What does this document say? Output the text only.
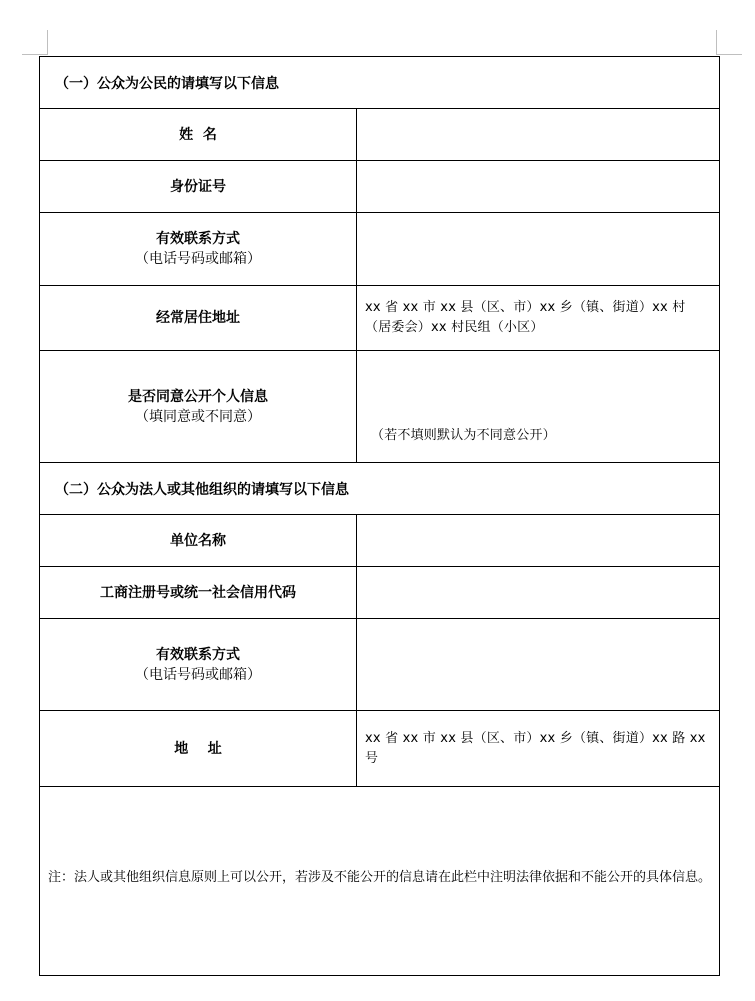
（一）公众为公民的请填写以下信息	

姓  名	

身份证号	

有效联系方式
（电话号码或邮箱）	

经常居住地址	xx 省 xx 市 xx 县（区、市）xx 乡（镇、街道）xx 村（居委会）xx 村民组（小区）

是否同意公开个人信息
（填同意或不同意）	（若不填则默认为不同意公开）
（二）公众为法人或其他组织的请填写以下信息	

单位名称	

工商注册号或统一社会信用代码	

有效联系方式
（电话号码或邮箱）	

地    址	xx 省 xx 市 xx 县（区、市）xx 乡（镇、街道）xx 路 xx 号

注：法人或其他组织信息原则上可以公开，若涉及不能公开的信息请在此栏中注明法律依据和不能公开的具体信息。	
